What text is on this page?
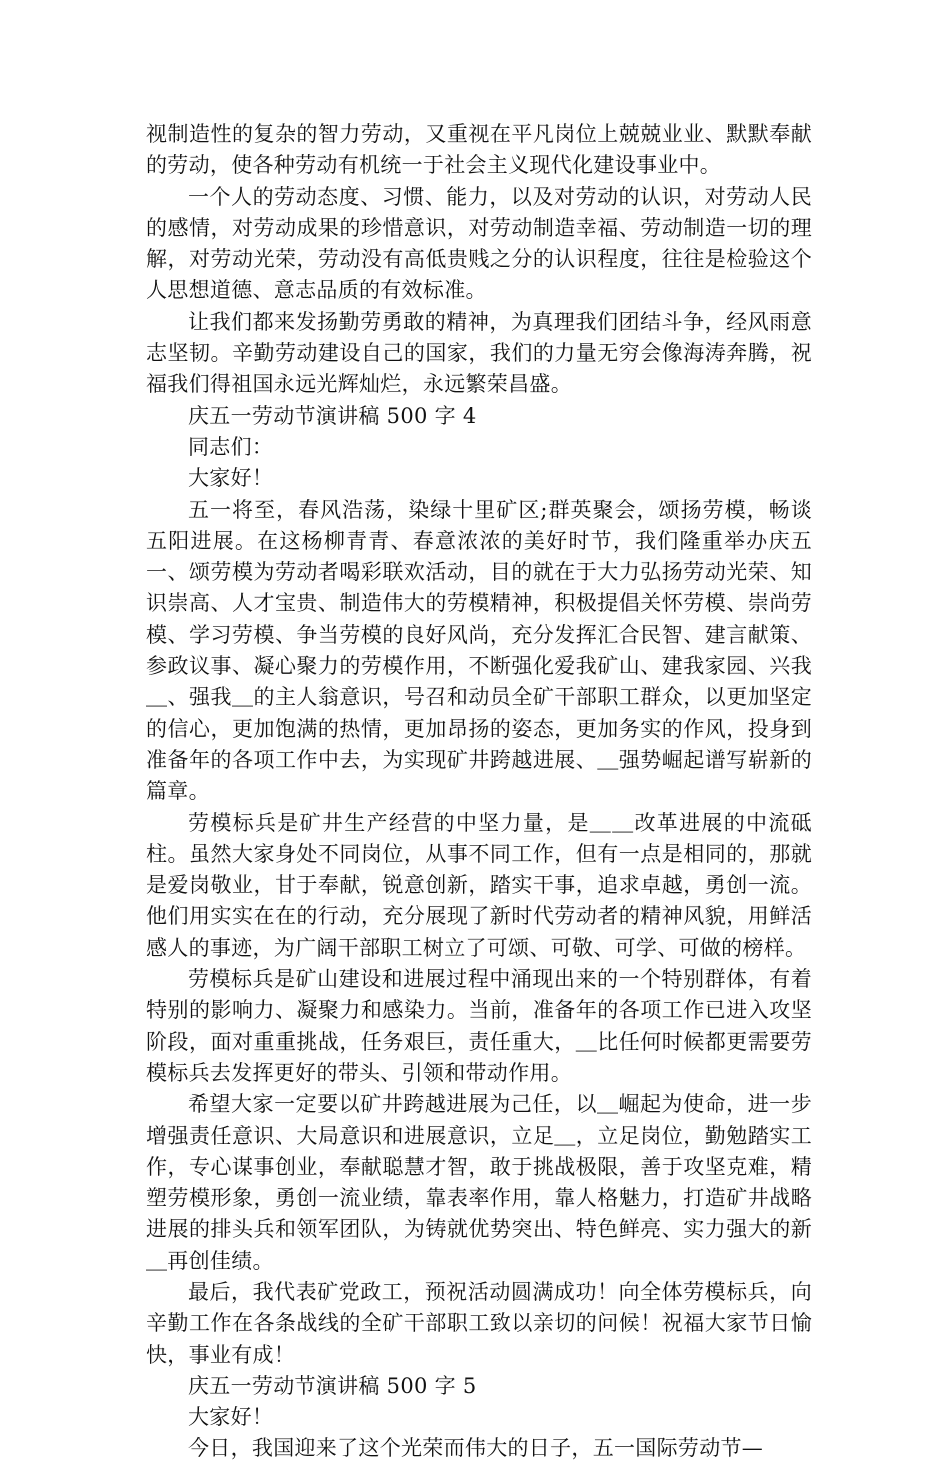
视制造性的复杂的智力劳动，又重视在平凡岗位上兢兢业业、默默奉献的劳动，使各种劳动有机统一于社会主义现代化建设事业中。

一个人的劳动态度、习惯、能力，以及对劳动的认识，对劳动人民的感情，对劳动成果的珍惜意识，对劳动制造幸福、劳动制造一切的理解，对劳动光荣，劳动没有高低贵贱之分的认识程度，往往是检验这个人思想道德、意志品质的有效标准。

让我们都来发扬勤劳勇敢的精神，为真理我们团结斗争，经风雨意志坚韧。辛勤劳动建设自己的国家，我们的力量无穷会像海涛奔腾，祝福我们得祖国永远光辉灿烂，永远繁荣昌盛。

庆五一劳动节演讲稿 500 字 4

同志们：

大家好！

五一将至，春风浩荡，染绿十里矿区;群英聚会，颂扬劳模，畅谈五阳进展。在这杨柳青青、春意浓浓的美好时节，我们隆重举办庆五一、颂劳模为劳动者喝彩联欢活动，目的就在于大力弘扬劳动光荣、知识崇高、人才宝贵、制造伟大的劳模精神，积极提倡关怀劳模、崇尚劳模、学习劳模、争当劳模的良好风尚，充分发挥汇合民智、建言献策、参政议事、凝心聚力的劳模作用，不断强化爱我矿山、建我家园、兴我＿、强我＿的主人翁意识，号召和动员全矿干部职工群众，以更加坚定的信心，更加饱满的热情，更加昂扬的姿态，更加务实的作风，投身到准备年的各项工作中去，为实现矿井跨越进展、＿强势崛起谱写崭新的篇章。

劳模标兵是矿井生产经营的中坚力量，是＿＿改革进展的中流砥柱。虽然大家身处不同岗位，从事不同工作，但有一点是相同的，那就是爱岗敬业，甘于奉献，锐意创新，踏实干事，追求卓越，勇创一流。他们用实实在在的行动，充分展现了新时代劳动者的精神风貌，用鲜活感人的事迹，为广阔干部职工树立了可颂、可敬、可学、可做的榜样。

劳模标兵是矿山建设和进展过程中涌现出来的一个特别群体，有着特别的影响力、凝聚力和感染力。当前，准备年的各项工作已进入攻坚阶段，面对重重挑战，任务艰巨，责任重大，＿比任何时候都更需要劳模标兵去发挥更好的带头、引领和带动作用。

希望大家一定要以矿井跨越进展为己任，以＿崛起为使命，进一步增强责任意识、大局意识和进展意识，立足＿，立足岗位，勤勉踏实工作，专心谋事创业，奉献聪慧才智，敢于挑战极限，善于攻坚克难，精塑劳模形象，勇创一流业绩，靠表率作用，靠人格魅力，打造矿井战略进展的排头兵和领军团队，为铸就优势突出、特色鲜亮、实力强大的新＿再创佳绩。

最后，我代表矿党政工，预祝活动圆满成功！向全体劳模标兵，向辛勤工作在各条战线的全矿干部职工致以亲切的问候！祝福大家节日愉快，事业有成！

庆五一劳动节演讲稿 500 字 5

大家好！

今日，我国迎来了这个光荣而伟大的日子，五一国际劳动节—
